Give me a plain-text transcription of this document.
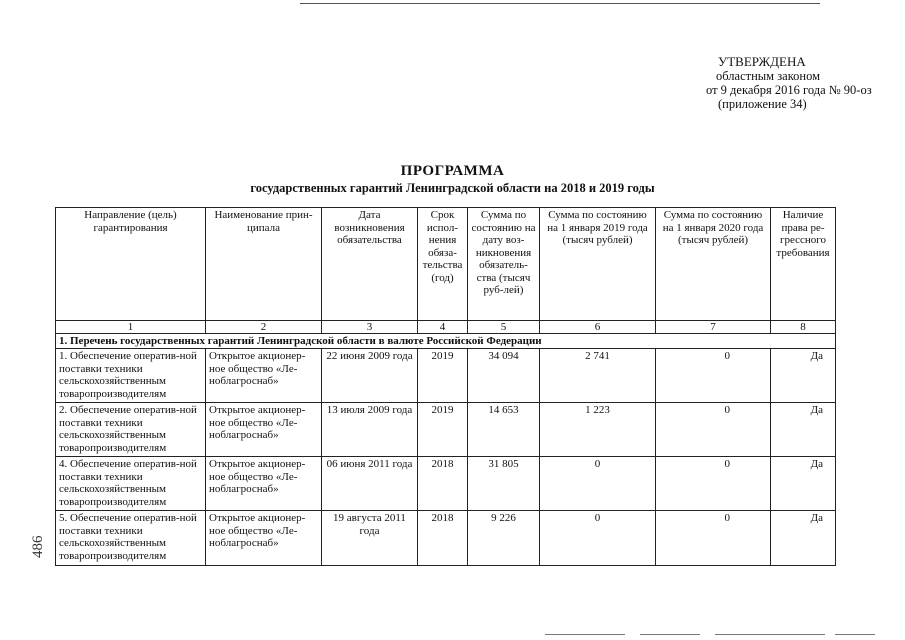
УТВЕРЖДЕНА
областным законом
от 9 декабря 2016 года № 90-оз
(приложение 34)
ПРОГРАММА
государственных гарантий Ленинградской области на 2018 и 2019 годы
Направление (цель) гарантирования	Наименование прин-ципала	Дата возникновения обязательства	Срок испол-нения обяза-тельства (год)	Сумма по состоянию на дату воз-никновения обязатель-ства (тысяч руб-лей)	Сумма по состоянию на 1 января 2019 года (тысяч рублей)	Сумма по состоянию на 1 января 2020 года (тысяч рублей)	Наличие права ре-грессного требования
1	2	3	4	5	6	7	8
1. Перечень государственных гарантий Ленинградской области в валюте Российской Федерации							
1. Обеспечение оператив-ной поставки техники сельскохозяйственным товаропроизводителям	Открытое акционер-ное общество «Ле-ноблагроснаб»	22 июня 2009 года	2019	34 094	2 741	0	Да
2. Обеспечение оператив-ной поставки техники сельскохозяйственным товаропроизводителям	Открытое акционер-ное общество «Ле-ноблагроснаб»	13 июля 2009 года	2019	14 653	1 223	0	Да
4. Обеспечение оператив-ной поставки техники сельскохозяйственным товаропроизводителям	Открытое акционер-ное общество «Ле-ноблагроснаб»	06 июня 2011 года	2018	31 805	0	0	Да
5. Обеспечение оператив-ной поставки техники сельскохозяйственным товаропроизводителям	Открытое акционер-ное общество «Ле-ноблагроснаб»	19 августа 2011 года	2018	9 226	0	0	Да
486
